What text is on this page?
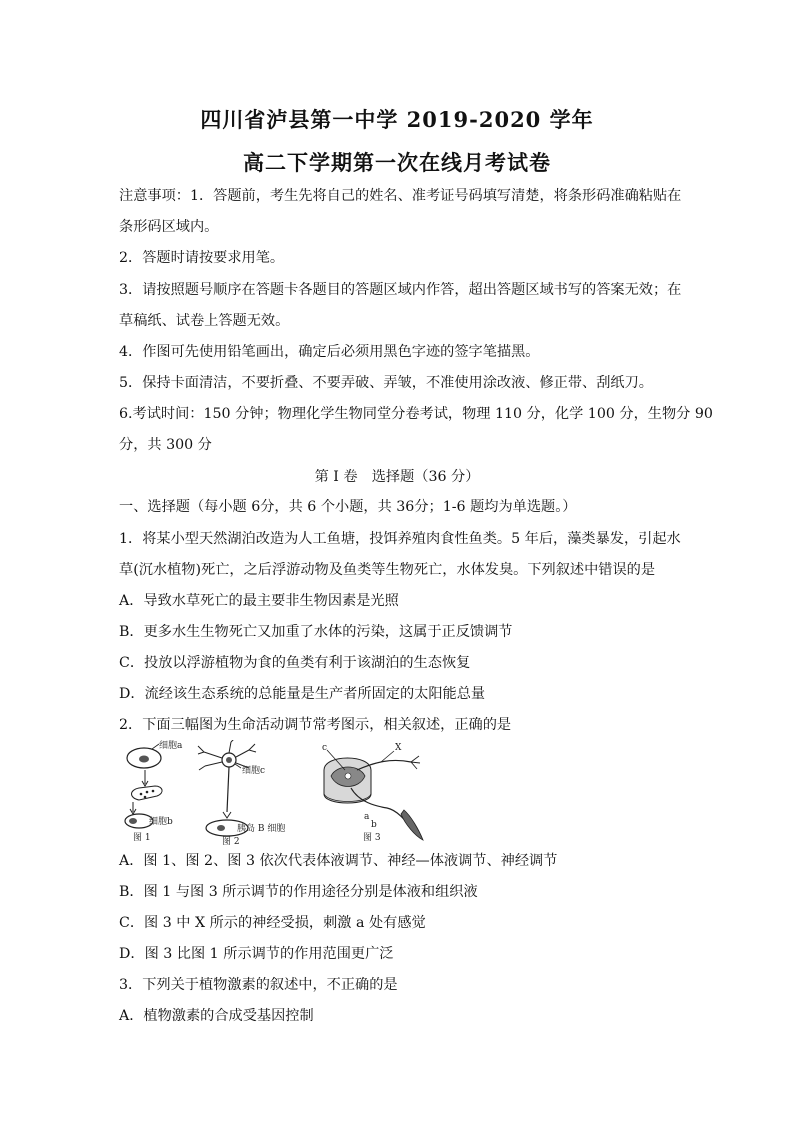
四川省泸县第一中学 2019-2020 学年
高二下学期第一次在线月考试卷
注意事项：1．答题前，考生先将自己的姓名、准考证号码填写清楚，将条形码准确粘贴在
条形码区域内。
2．答题时请按要求用笔。
3．请按照题号顺序在答题卡各题目的答题区域内作答，超出答题区域书写的答案无效；在
草稿纸、试卷上答题无效。
4．作图可先使用铅笔画出，确定后必须用黑色字迹的签字笔描黑。
5．保持卡面清洁，不要折叠、不要弄破、弄皱，不准使用涂改液、修正带、刮纸刀。
6.考试时间：150 分钟；物理化学生物同堂分卷考试，物理 110 分，化学 100 分，生物分 90
分，共 300 分
第 I 卷　选择题（36 分）
一、选择题（每小题 6分，共 6 个小题，共 36分；1-6 题均为单选题。）
1．将某小型天然湖泊改造为人工鱼塘，投饵养殖肉食性鱼类。5 年后，藻类暴发，引起水
草(沉水植物)死亡，之后浮游动物及鱼类等生物死亡，水体发臭。下列叙述中错误的是
A．导致水草死亡的最主要非生物因素是光照
B．更多水生生物死亡又加重了水体的污染，这属于正反馈调节
C．投放以浮游植物为食的鱼类有利于该湖泊的生态恢复
D．流经该生态系统的总能量是生产者所固定的太阳能总量
2．下面三幅图为生命活动调节常考图示，相关叙述，正确的是
细胞a
细胞b
图 1
细胞c
胰岛 B 细胞
图 2
c	X
a
b
图 3
A．图 1、图 2、图 3 依次代表体液调节、神经—体液调节、神经调节
B．图 1 与图 3 所示调节的作用途径分别是体液和组织液
C．图 3 中 X 所示的神经受损，刺激 a 处有感觉
D．图 3 比图 1 所示调节的作用范围更广泛
3．下列关于植物激素的叙述中，不正确的是
A．植物激素的合成受基因控制
